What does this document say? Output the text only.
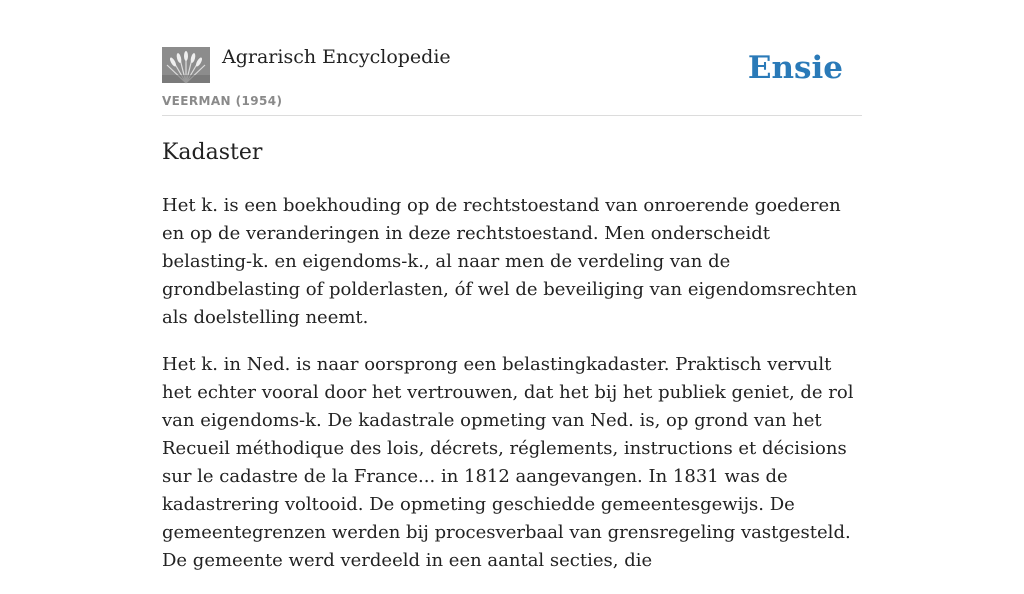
Agrarisch Encyclopedie
VEERMAN (1954)
Ensie
Kadaster

Het k. is een boekhouding op de rechtstoestand van onroerende goederen en op de veranderingen in deze rechtstoestand. Men onderscheidt belasting-k. en eigendoms-k., al naar men de verdeling van de grondbelasting of polderlasten, óf wel de beveiliging van eigendomsrechten als doelstelling neemt.

Het k. in Ned. is naar oorsprong een belastingkadaster. Praktisch vervult het echter vooral door het vertrouwen, dat het bij het publiek geniet, de rol van eigendoms-k. De kadastrale opmeting van Ned. is, op grond van het Recueil méthodique des lois, décrets, réglements, instructions et décisions sur le cadastre de la France... in 1812 aangevangen. In 1831 was de kadastrering voltooid. De opmeting geschiedde gemeentesgewijs. De gemeentegrenzen werden bij procesverbaal van grensregeling vastgesteld. De gemeente werd verdeeld in een aantal secties, die
